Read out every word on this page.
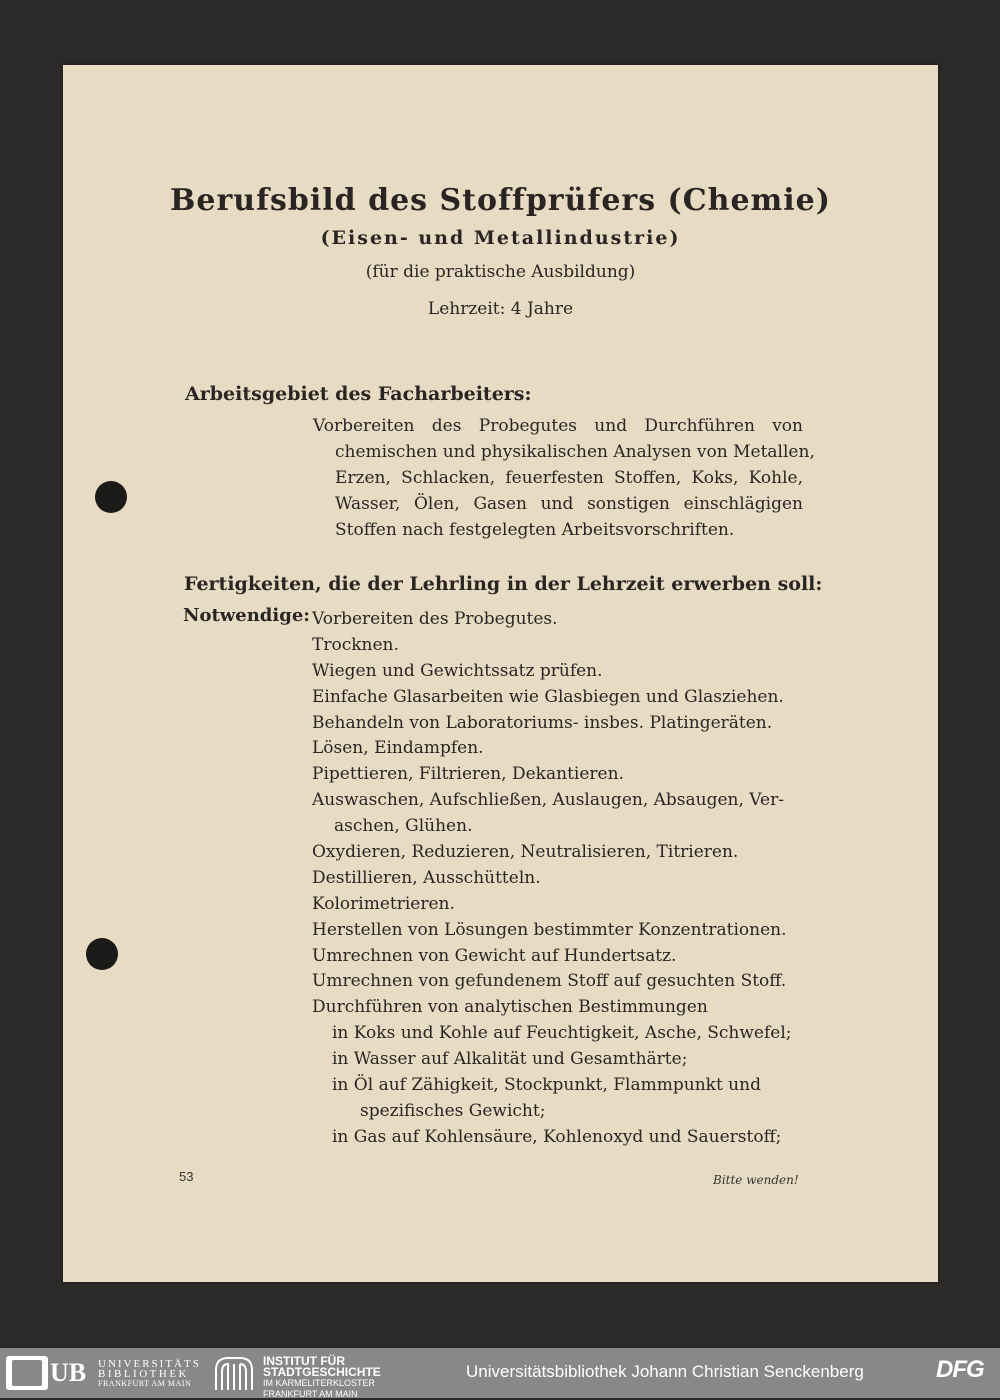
Berufsbild des Stoffprüfers (Chemie)
(Eisen- und Metallindustrie)
(für die praktische Ausbildung)
Lehrzeit: 4 Jahre
Arbeitsgebiet des Facharbeiters:
Vorbereiten des Probegutes und Durchführen von
chemischen und physikalischen Analysen von Metallen,
Erzen, Schlacken, feuerfesten Stoffen, Koks, Kohle,
Wasser, Ölen, Gasen und sonstigen einschlägigen
Stoffen nach festgelegten Arbeitsvorschriften.
Fertigkeiten, die der Lehrling in der Lehrzeit erwerben soll:
Notwendige: Vorbereiten des Probegutes.
Trocknen.
Wiegen und Gewichtssatz prüfen.
Einfache Glasarbeiten wie Glasbiegen und Glasziehen.
Behandeln von Laboratoriums- insbes. Platingeräten.
Lösen, Eindampfen.
Pipettieren, Filtrieren, Dekantieren.
Auswaschen, Aufschließen, Auslaugen, Absaugen, Ver-
aschen, Glühen.
Oxydieren, Reduzieren, Neutralisieren, Titrieren.
Destillieren, Ausschütteln.
Kolorimetrieren.
Herstellen von Lösungen bestimmter Konzentrationen.
Umrechnen von Gewicht auf Hundertsatz.
Umrechnen von gefundenem Stoff auf gesuchten Stoff.
Durchführen von analytischen Bestimmungen
in Koks und Kohle auf Feuchtigkeit, Asche, Schwefel;
in Wasser auf Alkalität und Gesamthärte;
in Öl auf Zähigkeit, Stockpunkt, Flammpunkt und
spezifisches Gewicht;
in Gas auf Kohlensäure, Kohlenoxyd und Sauerstoff;
53	Bitte wenden!
UB UNIVERSITÄTS
BIBLIOTHEK
FRANKFURT AM MAIN
INSTITUT FÜR
STADTGESCHICHTE
IM KARMELITERKLOSTER
FRANKFURT AM MAIN
Universitätsbibliothek Johann Christian Senckenberg	DFG
